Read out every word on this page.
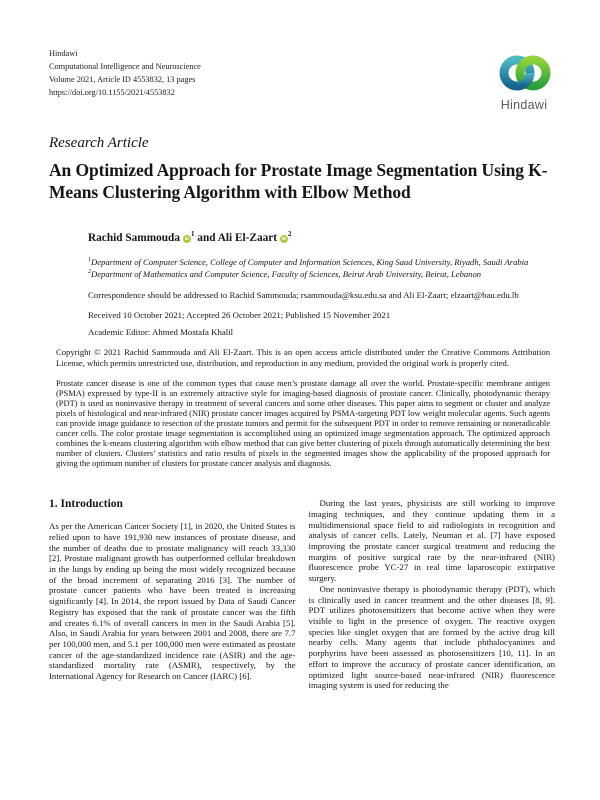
Hindawi
Computational Intelligence and Neuroscience
Volume 2021, Article ID 4553832, 13 pages
https://doi.org/10.1155/2021/4553832
Hindawi
Research Article
An Optimized Approach for Prostate Image Segmentation Using K-Means Clustering Algorithm with Elbow Method
Rachid Sammouda $iD^1$ and Ali El-Zaart $iD^2$
$^1$Department of Computer Science, College of Computer and Information Sciences, King Saud University, Riyadh, Saudi Arabia
$^2$Department of Mathematics and Computer Science, Faculty of Sciences, Beirut Arab University, Beirut, Lebanon
Correspondence should be addressed to Rachid Sammouda; rsammouda@ksu.edu.sa and Ali El-Zaart; elzaart@bau.edu.lb
Received 10 October 2021; Accepted 26 October 2021; Published 15 November 2021
Academic Editor: Ahmed Mostafa Khalil
Copyright © 2021 Rachid Sammouda and Ali El-Zaart. This is an open access article distributed under the Creative Commons Attribution License, which permits unrestricted use, distribution, and reproduction in any medium, provided the original work is properly cited.
Prostate cancer disease is one of the common types that cause men’s prostate damage all over the world. Prostate-specific membrane antigen (PSMA) expressed by type-II is an extremely attractive style for imaging-based diagnosis of prostate cancer. Clinically, photodynamic therapy (PDT) is used as noninvasive therapy in treatment of several cancers and some other diseases. This paper aims to segment or cluster and analyze pixels of histological and near-infrared (NIR) prostate cancer images acquired by PSMA-targeting PDT low weight molecular agents. Such agents can provide image guidance to resection of the prostate tumors and permit for the subsequent PDT in order to remove remaining or noneradicable cancer cells. The color prostate image segmentation is accomplished using an optimized image segmentation approach. The optimized approach combines the k-means clustering algorithm with elbow method that can give better clustering of pixels through automatically determining the best number of clusters. Clusters’ statistics and ratio results of pixels in the segmented images show the applicability of the proposed approach for giving the optimum number of clusters for prostate cancer analysis and diagnosis.
1. Introduction

As per the American Cancer Society [1], in 2020, the United States is relied upon to have 191,930 new instances of prostate disease, and the number of deaths due to prostate malignancy will reach 33,330 [2]. Prostate malignant growth has outperformed cellular breakdown in the lungs by ending up being the most widely recognized because of the broad increment of separating 2016 [3]. The number of prostate cancer patients who have been treated is increasing significantly [4]. In 2014, the report issued by Data of Saudi Cancer Registry has exposed that the rank of prostate cancer was the fifth and creates 6.1% of overall cancers in men in the Saudi Arabia [5]. Also, in Saudi Arabia for years between 2001 and 2008, there are 7.7 per 100,000 men, and 5.1 per 100,000 men were estimated as prostate cancer of the age-standardized incidence rate (ASIR) and the age-standardized mortality rate (ASMR), respectively, by the International Agency for Research on Cancer (IARC) [6].

During the last years, physicists are still working to improve imaging techniques, and they continue updating them in a multidimensional space field to aid radiologists in recognition and analysis of cancer cells. Lately, Neuman et al. [7] have exposed improving the prostate cancer surgical treatment and reducing the margins of positive surgical rate by the near-infrared (NIR) fluorescence probe YC-27 in real time laparoscopic extirpative surgery.

One noninvasive therapy is photodynamic therapy (PDT), which is clinically used in cancer treatment and the other diseases [8, 9]. PDT utilizes photosensitizers that become active when they were visible to light in the presence of oxygen. The reactive oxygen species like singlet oxygen that are formed by the active drug kill nearby cells. Many agents that include phthalocyanines and porphyrins have been assessed as photosensitizers [10, 11]. In an effort to improve the accuracy of prostate cancer identification, an optimized light source-based near-infrared (NIR) fluorescence imaging system is used for reducing the
